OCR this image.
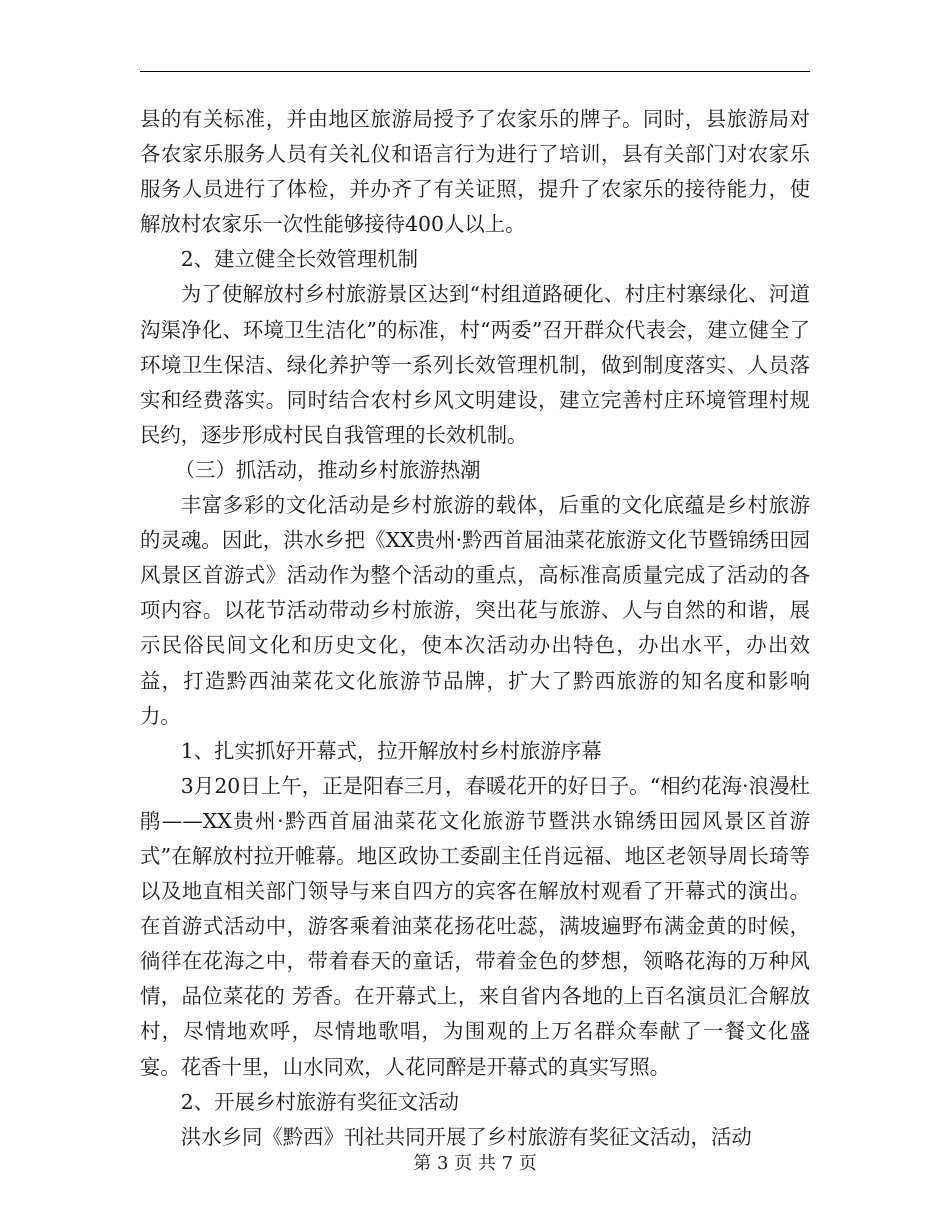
县的有关标准，并由地区旅游局授予了农家乐的牌子。同时，县旅游局对各农家乐服务人员有关礼仪和语言行为进行了培训，县有关部门对农家乐服务人员进行了体检，并办齐了有关证照，提升了农家乐的接待能力，使解放村农家乐一次性能够接待400人以上。

2、建立健全长效管理机制

为了使解放村乡村旅游景区达到“村组道路硬化、村庄村寨绿化、河道沟渠净化、环境卫生洁化”的标准，村“两委”召开群众代表会，建立健全了环境卫生保洁、绿化养护等一系列长效管理机制，做到制度落实、人员落实和经费落实。同时结合农村乡风文明建设，建立完善村庄环境管理村规民约，逐步形成村民自我管理的长效机制。

（三）抓活动，推动乡村旅游热潮

丰富多彩的文化活动是乡村旅游的载体，后重的文化底蕴是乡村旅游的灵魂。因此，洪水乡把《XX贵州·黔西首届油菜花旅游文化节暨锦绣田园风景区首游式》活动作为整个活动的重点，高标准高质量完成了活动的各项内容。以花节活动带动乡村旅游，突出花与旅游、人与自然的和谐，展示民俗民间文化和历史文化，使本次活动办出特色，办出水平，办出效益，打造黔西油菜花文化旅游节品牌，扩大了黔西旅游的知名度和影响力。

1、扎实抓好开幕式，拉开解放村乡村旅游序幕

3月20日上午，正是阳春三月，春暖花开的好日子。“相约花海·浪漫杜鹃——XX贵州·黔西首届油菜花文化旅游节暨洪水锦绣田园风景区首游式”在解放村拉开帷幕。地区政协工委副主任肖远福、地区老领导周长琦等以及地直相关部门领导与来自四方的宾客在解放村观看了开幕式的演出。在首游式活动中，游客乘着油菜花扬花吐蕊，满坡遍野布满金黄的时候，徜徉在花海之中，带着春天的童话，带着金色的梦想，领略花海的万种风情，品位菜花的 芳香。在开幕式上，来自省内各地的上百名演员汇合解放村，尽情地欢呼，尽情地歌唱，为围观的上万名群众奉献了一餐文化盛宴。花香十里，山水同欢，人花同醉是开幕式的真实写照。

2、开展乡村旅游有奖征文活动

洪水乡同《黔西》刊社共同开展了乡村旅游有奖征文活动，活动

第 3 页 共 7 页
